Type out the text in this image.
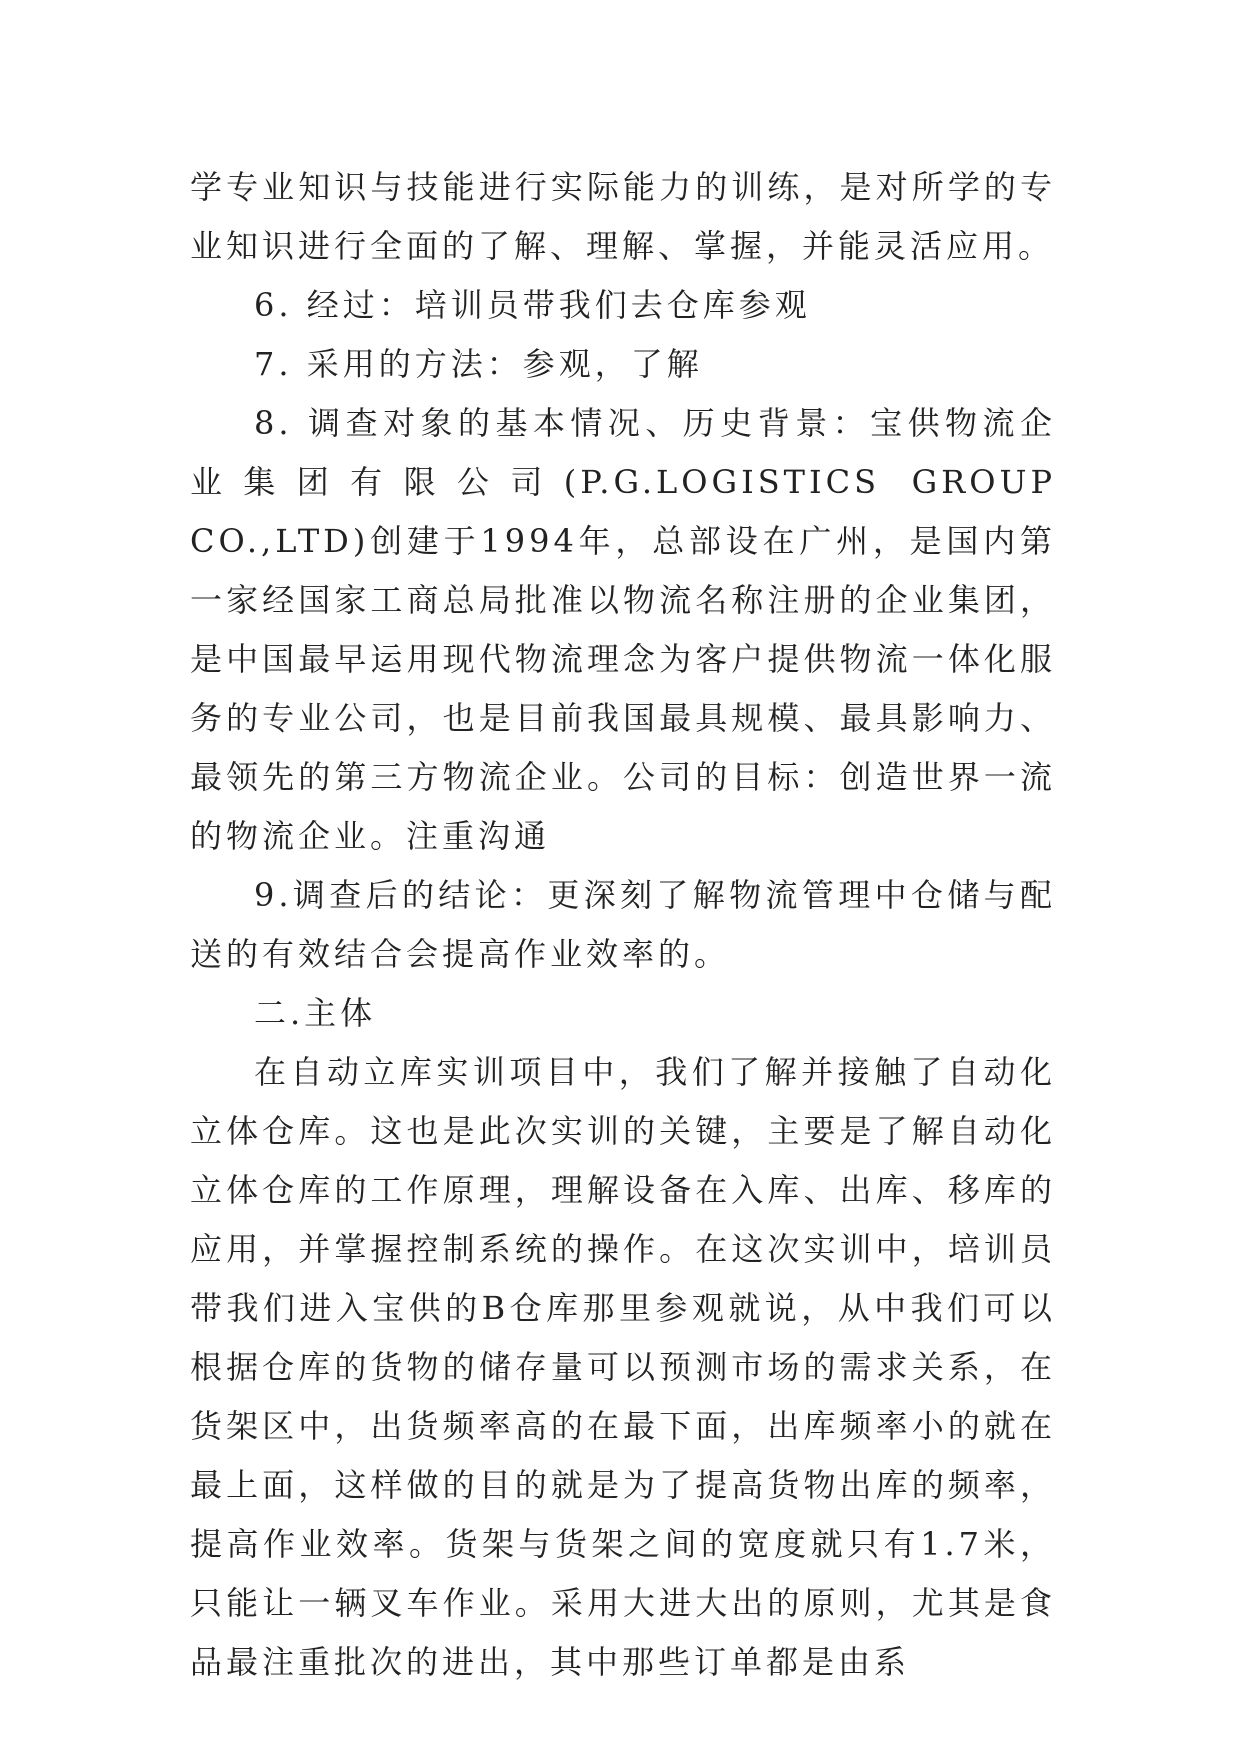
学专业知识与技能进行实际能力的训练，是对所学的专业知识进行全面的了解、理解、掌握，并能灵活应用。

6. 经过：培训员带我们去仓库参观

7. 采用的方法：参观，了解

8. 调查对象的基本情况、历史背景：宝供物流企业集团有限公司(P.G.LOGISTICS GROUP CO.,LTD)创建于1994年，总部设在广州，是国内第一家经国家工商总局批准以物流名称注册的企业集团，是中国最早运用现代物流理念为客户提供物流一体化服务的专业公司，也是目前我国最具规模、最具影响力、最领先的第三方物流企业。公司的目标：创造世界一流的物流企业。注重沟通

9.调查后的结论：更深刻了解物流管理中仓储与配送的有效结合会提高作业效率的。

二.主体

在自动立库实训项目中，我们了解并接触了自动化立体仓库。这也是此次实训的关键，主要是了解自动化立体仓库的工作原理，理解设备在入库、出库、移库的应用，并掌握控制系统的操作。在这次实训中，培训员带我们进入宝供的B仓库那里参观就说，从中我们可以根据仓库的货物的储存量可以预测市场的需求关系，在货架区中，出货频率高的在最下面，出库频率小的就在最上面，这样做的目的就是为了提高货物出库的频率，提高作业效率。货架与货架之间的宽度就只有1.7米，只能让一辆叉车作业。采用大进大出的原则，尤其是食品最注重批次的进出，其中那些订单都是由系
